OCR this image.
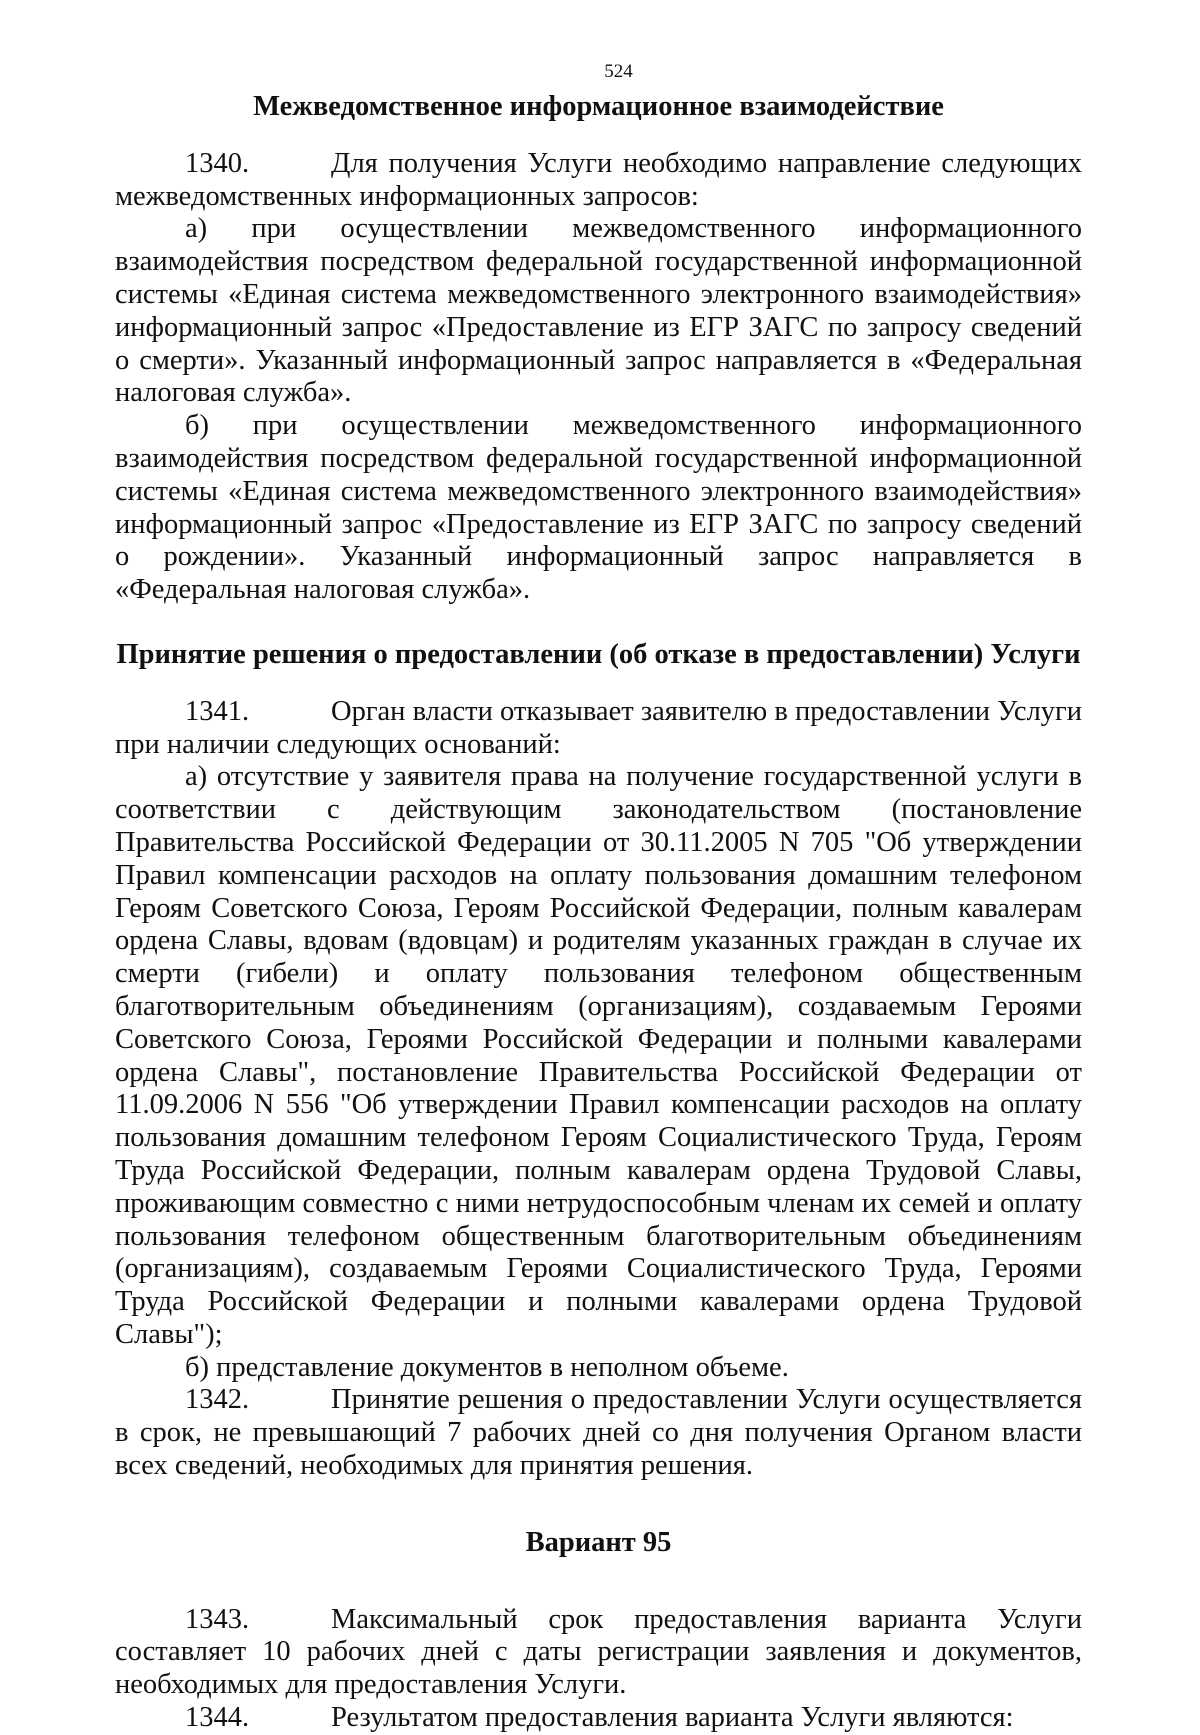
524
Межведомственное информационное взаимодействие

1340.	Для получения Услуги необходимо направление следующих межведомственных информационных запросов:

а) при осуществлении межведомственного информационного взаимодействия посредством федеральной государственной информационной системы «Единая система межведомственного электронного взаимодействия» информационный запрос «Предоставление из ЕГР ЗАГС по запросу сведений о смерти». Указанный информационный запрос направляется в «Федеральная налоговая служба».

б) при осуществлении межведомственного информационного взаимодействия посредством федеральной государственной информационной системы «Единая система межведомственного электронного взаимодействия» информационный запрос «Предоставление из ЕГР ЗАГС по запросу сведений о рождении». Указанный информационный запрос направляется в «Федеральная налоговая служба».

Принятие решения о предоставлении (об отказе в предоставлении) Услуги

1341.	Орган власти отказывает заявителю в предоставлении Услуги при наличии следующих оснований:

а) отсутствие у заявителя права на получение государственной услуги в соответствии с действующим законодательством (постановление Правительства Российской Федерации от 30.11.2005 N 705 "Об утверждении Правил компенсации расходов на оплату пользования домашним телефоном Героям Советского Союза, Героям Российской Федерации, полным кавалерам ордена Славы, вдовам (вдовцам) и родителям указанных граждан в случае их смерти (гибели) и оплату пользования телефоном общественным благотворительным объединениям (организациям), создаваемым Героями Советского Союза, Героями Российской Федерации и полными кавалерами ордена Славы", постановление Правительства Российской Федерации от 11.09.2006 N 556 "Об утверждении Правил компенсации расходов на оплату пользования домашним телефоном Героям Социалистического Труда, Героям Труда Российской Федерации, полным кавалерам ордена Трудовой Славы, проживающим совместно с ними нетрудоспособным членам их семей и оплату пользования телефоном общественным благотворительным объединениям (организациям), создаваемым Героями Социалистического Труда, Героями Труда Российской Федерации и полными кавалерами ордена Трудовой Славы");

б) представление документов в неполном объеме.

1342.	Принятие решения о предоставлении Услуги осуществляется в срок, не превышающий 7 рабочих дней со дня получения Органом власти всех сведений, необходимых для принятия решения.

Вариант 95

1343.	Максимальный срок предоставления варианта Услуги составляет 10 рабочих дней с даты регистрации заявления и документов, необходимых для предоставления Услуги.

1344.	Результатом предоставления варианта Услуги являются:
